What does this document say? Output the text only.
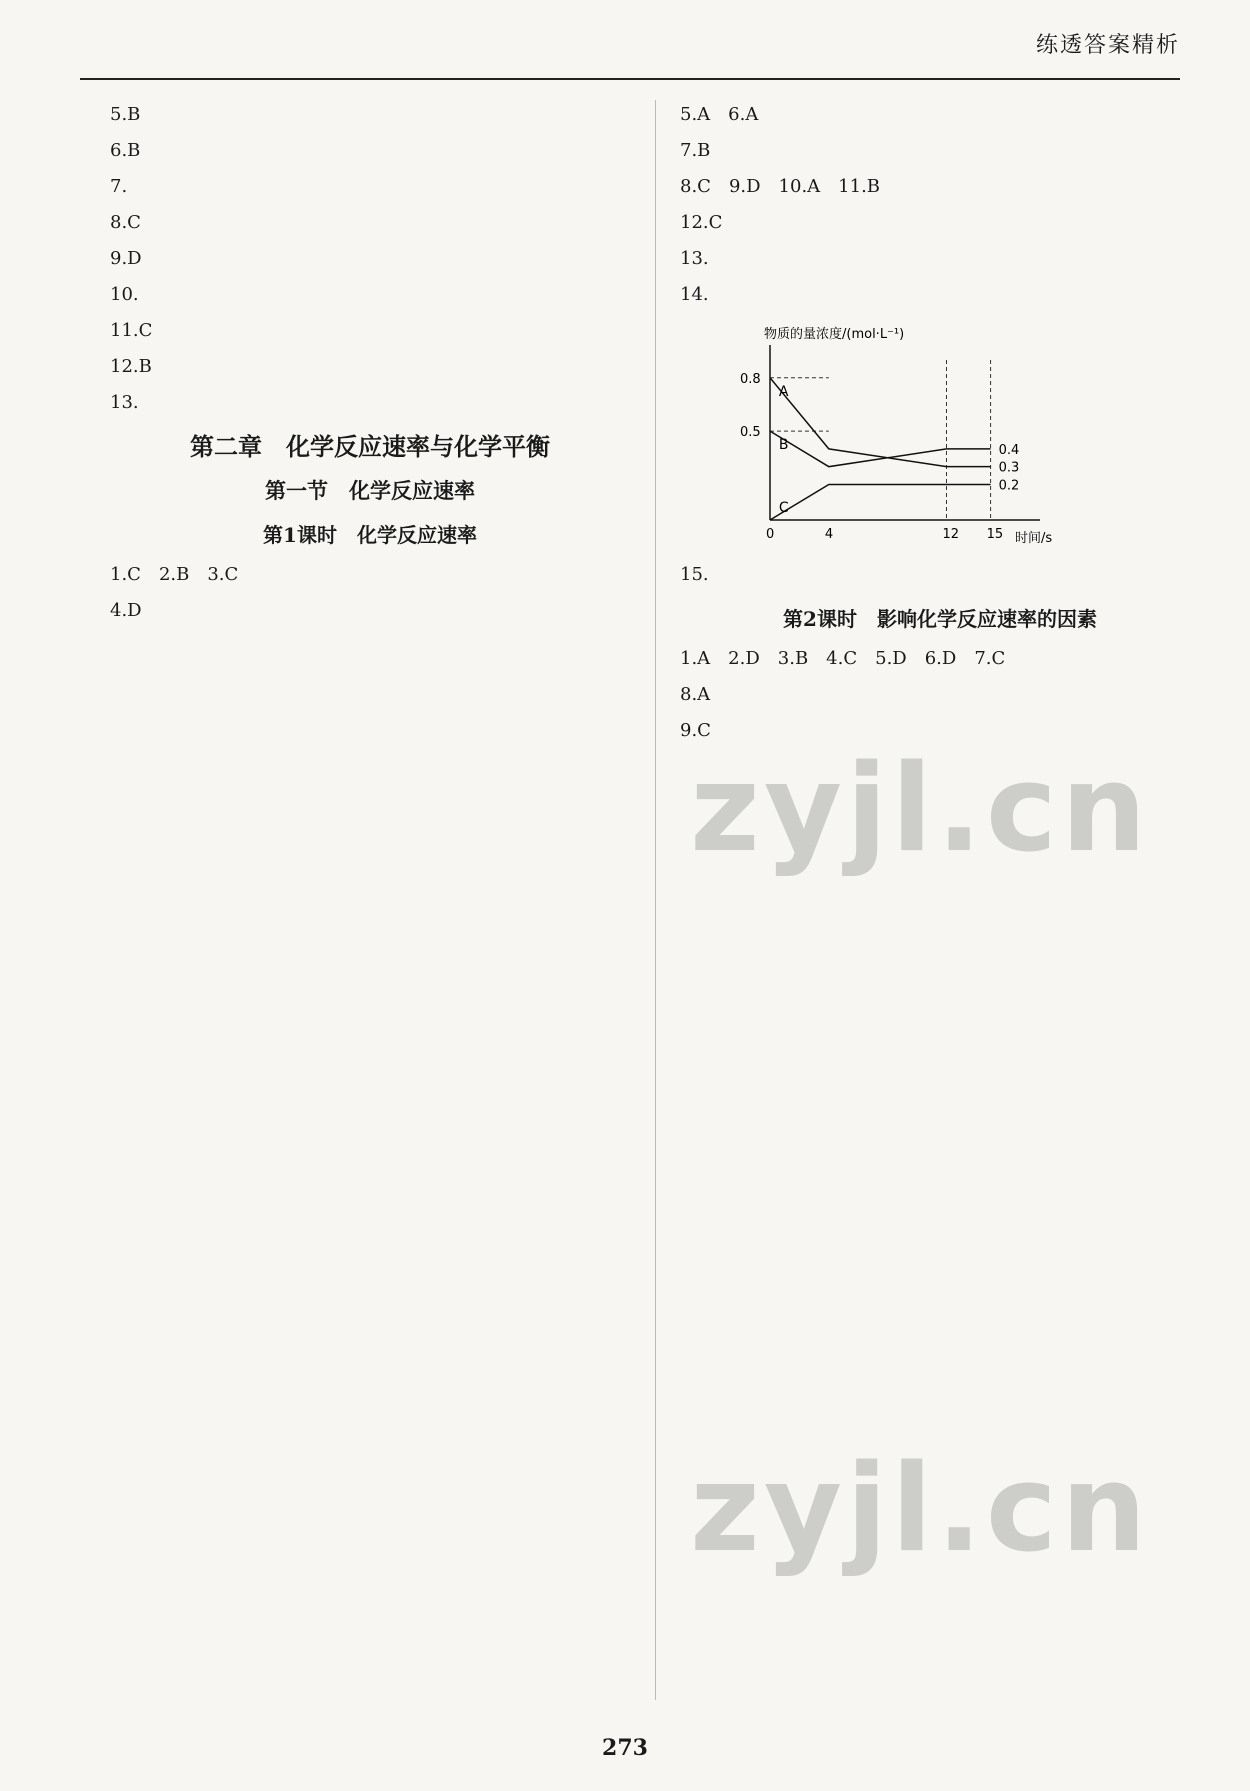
练透答案精析

5.B

6.B

7.

8.C

9.D

10.

11.C

12.B

13.

第二章　化学反应速率与化学平衡
第一节　化学反应速率
第1课时　化学反应速率

1.C　2.B　3.C

4.D

5.A　6.A

7.B

8.C　9.D　10.A　11.B

12.C

13.

14.

物质的量浓度/(mol·L⁻¹)
时间/s
0	4	12 15
0.8
0.5
0.4
0.3
0.2
A
B
C

15.

第2课时　影响化学反应速率的因素

1.A　2.D　3.B　4.C　5.D　6.D　7.C

8.A

9.C

zyjl.cn
zyjl.cn
273
